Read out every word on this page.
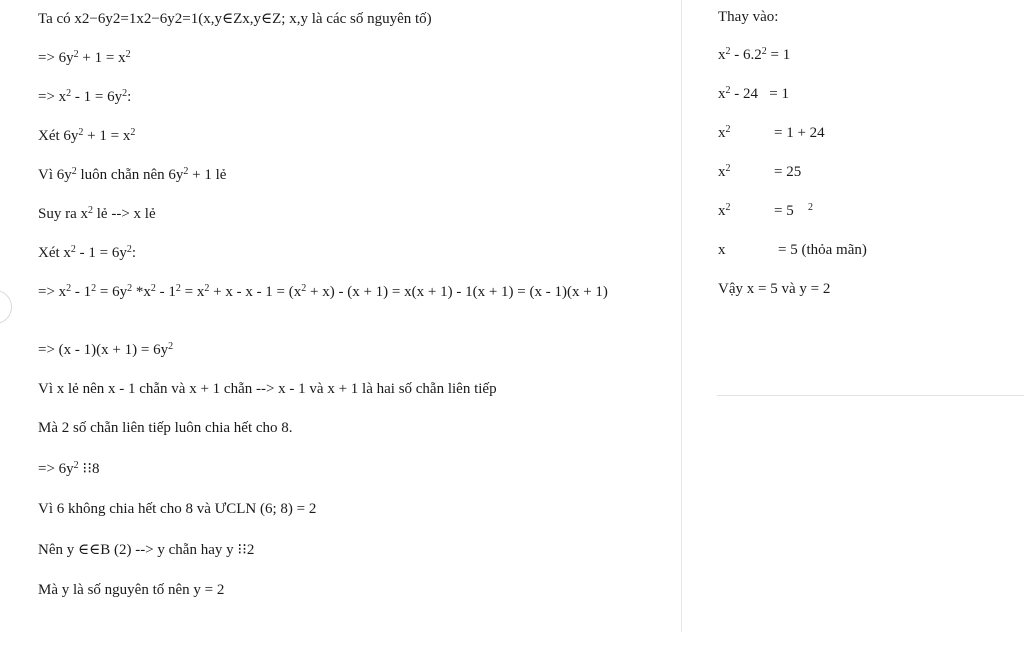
Ta có x2−6y2=1x2−6y2=1(x,y∈Zx,y∈Z; x,y là các số nguyên tố)
=> $6y^2 + 1 = x^2$
=> $x^2 - 1 = 6y^2$:
Xét $6y^2 + 1 = x^2$
Vì $6y^2$ luôn chẵn nên $6y^2 + 1$ lẻ
Suy ra $x^2$ lẻ --> x lẻ
Xét $x^2 - 1 = 6y^2$:
=> $x^2 - 1^2 = 6y^2$ $*x^2 - 1^2 = x^2 + x - x - 1 = (x^2 + x) - (x + 1) = x(x + 1) - 1(x + 1) = (x - 1)(x + 1)$
=> $(x - 1)(x + 1) = 6y^2$
Vì x lẻ nên x - 1 chẵn và x + 1 chẵn --> x - 1 và x + 1 là hai số chẵn liên tiếp
Mà 2 số chẵn liên tiếp luôn chia hết cho 8.
=> $6y^2$ ⁝⁝8
Vì 6 không chia hết cho 8 và ƯCLN (6; 8) = 2
Nên y ∈∈B (2) --> y chẵn hay y ⁝⁝2
Mà y là số nguyên tố nên y = 2
Thay vào:
$x^2 - 6.2^2 = 1$
$x^2 - 24 = 1$
$x^2$	= 1 + 24
$x^2$	= 25
$x^2$	= 5 $^2$
x	= 5 (thỏa mãn)
Vậy x = 5 và y = 2
